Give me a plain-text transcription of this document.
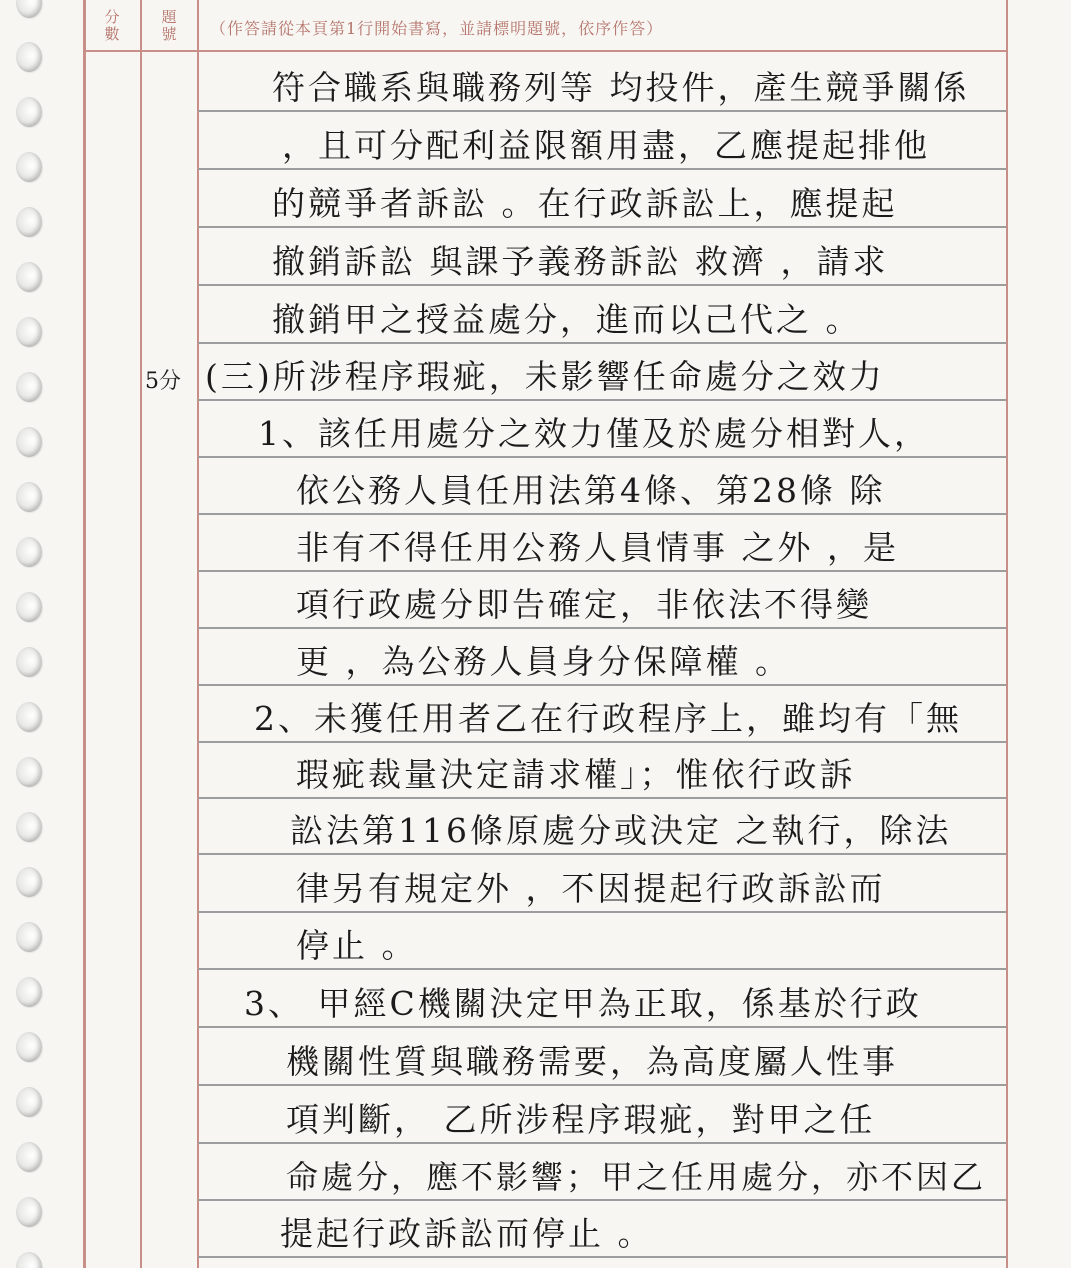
分數
題號 （作答請從本頁第1行開始書寫，並請標明題號，依序作答）
5分
符合職系與職務列等 均投件，產生競爭關係
，且可分配利益限額用盡，乙應提起排他
的競爭者訴訟 。在行政訴訟上，應提起
撤銷訴訟 與課予義務訴訟 救濟 ，請求
撤銷甲之授益處分，進而以己代之 。
(三)所涉程序瑕疵，未影響任命處分之效力
1、該任用處分之效力僅及於處分相對人，
依公務人員任用法第4條、第28條 除
非有不得任用公務人員情事 之外 ，是
項行政處分即告確定，非依法不得變
更 ，為公務人員身分保障權 。
2、未獲任用者乙在行政程序上，雖均有「無
瑕疵裁量決定請求權」；惟依行政訴
訟法第116條原處分或決定 之執行，除法
律另有規定外 ，不因提起行政訴訟而
停止 。
3、 甲經C機關決定甲為正取，係基於行政
機關性質與職務需要，為高度屬人性事
項判斷， 乙所涉程序瑕疵，對甲之任
命處分，應不影響；甲之任用處分，亦不因乙
提起行政訴訟而停止 。
